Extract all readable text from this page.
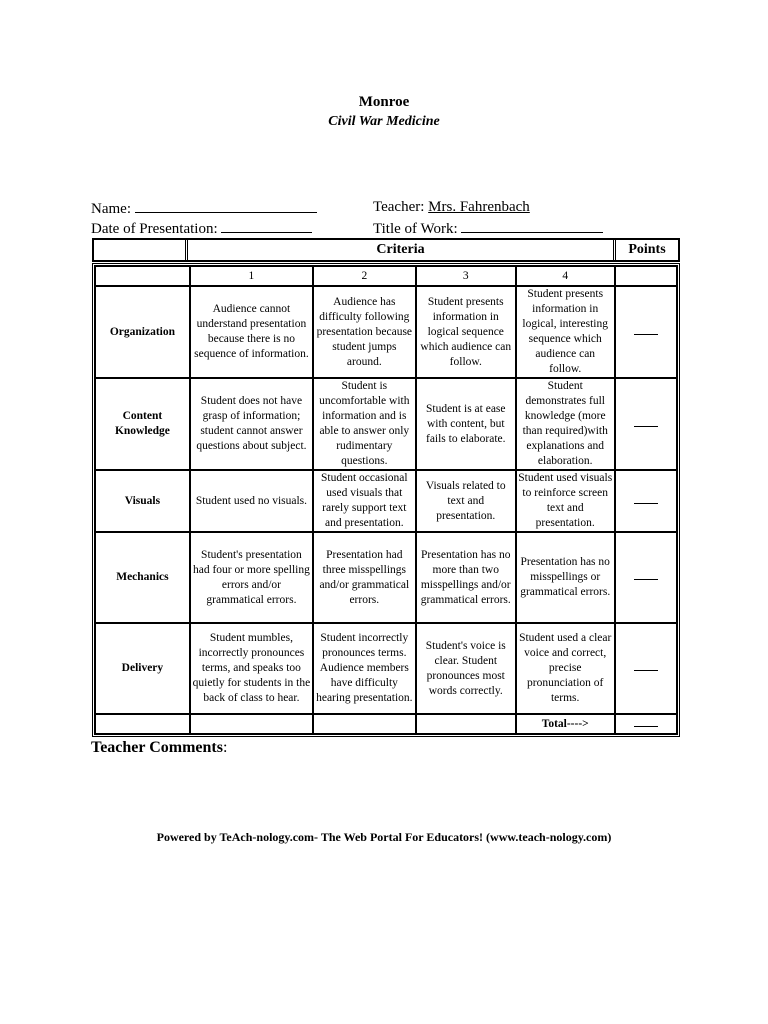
Monroe
Civil War Medicine
Name:	Teacher: Mrs. Fahrenbach
Date of Presentation:	Title of Work:
Criteria	Points
	1	2	3	4	
Organization	Audience cannot understand presentation because there is no sequence of information.	Audience has difficulty following presentation because student jumps around.	Student presents information in logical sequence which audience can follow.	Student presents information in logical, interesting sequence which audience can follow.	
Content Knowledge	Student does not have grasp of information; student cannot answer questions about subject.	Student is uncomfortable with information and is able to answer only rudimentary questions.	Student is at ease with content, but fails to elaborate.	Student demonstrates full knowledge (more than required)with explanations and elaboration.	
Visuals	Student used no visuals.	Student occasional used visuals that rarely support text and presentation.	Visuals related to text and presentation.	Student used visuals to reinforce screen text and presentation.	
Mechanics	Student's presentation had four or more spelling errors and/or grammatical errors.	Presentation had three misspellings and/or grammatical errors.	Presentation has no more than two misspellings and/or grammatical errors.	Presentation has no misspellings or grammatical errors.	
Delivery	Student mumbles, incorrectly pronounces terms, and speaks too quietly for students in the back of class to hear.	Student incorrectly pronounces terms. Audience members have difficulty hearing presentation.	Student's voice is clear. Student pronounces most words correctly.	Student used a clear voice and correct, precise pronunciation of terms.	
				Total---->	
Teacher Comments:
Powered by TeAch-nology.com- The Web Portal For Educators! (www.teach-nology.com)
